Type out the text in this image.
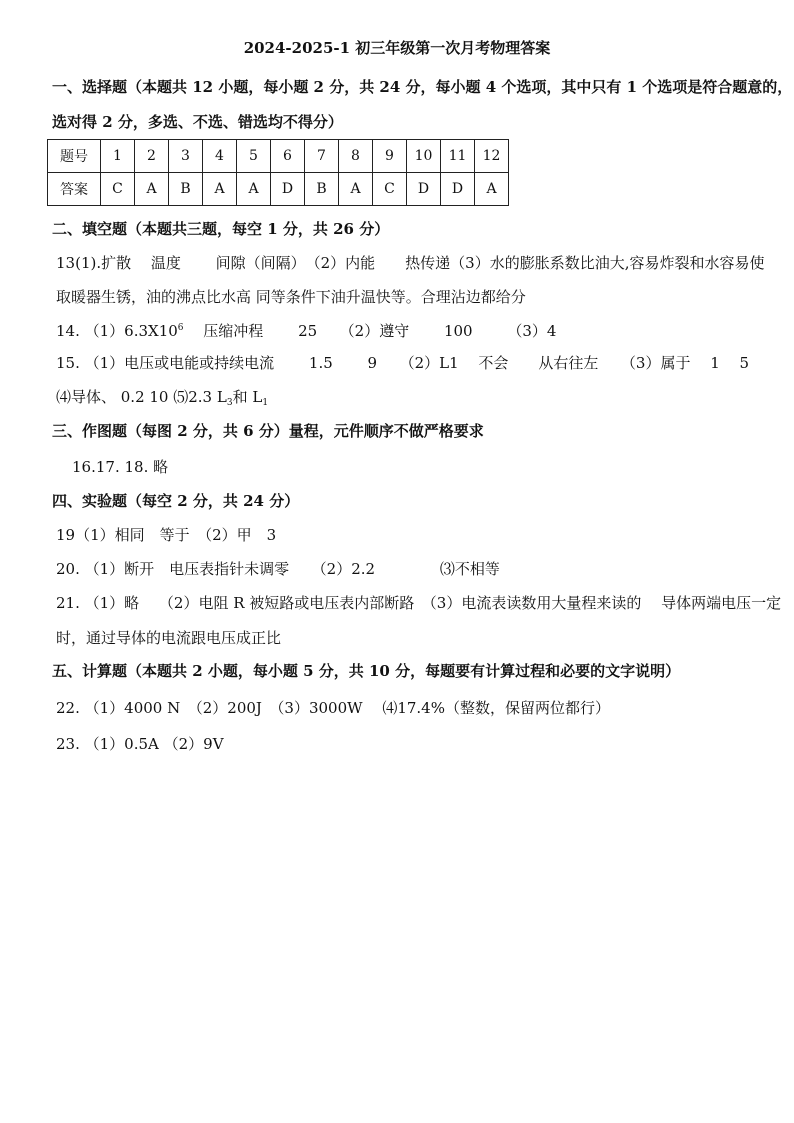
2024-2025-1 初三年级第一次月考物理答案
一、选择题（本题共 12 小题，每小题 2 分，共 24 分，每小题 4 个选项，其中只有 1 个选项是符合题意的，
选对得 2 分，多选、不选、错选均不得分）
题号	1	2	3	4	5	6	7	8	9	10	11	12
答案	C	A	B	A	A	D	B	A	C	D	D	A
二、填空题（本题共三题，每空 1 分，共 26 分）
13(1).扩散　 温度　 　间隙（间隔）　（2）内能　　热传递（3）水的膨胀系数比油大,容易炸裂和水容易使
取暖器生锈，油的沸点比水高 同等条件下油升温快等。合理沾边都给分
14. $(1)6.3X10^6$　 压缩冲程　　 25　　（2）遵守　　 100　　 （3）4
15. （1）电压或电能或持续电流　　 1.5　　 9　　（2）L1　 不会　　从右往左　　（3）属于　 1　 5
⑷导体、 0.2 10 ⑸2.3 $L_3$和 $L_1$
三、作图题（每图 2 分，共 6 分）量程，元件顺序不做严格要求
16.17. 18. 略
四、实验题（每空 2 分，共 24 分）
19（1）相同　等于　（2）甲　3
20. （1）断开　电压表指针未调零　　（2）2.2　　　　 ⑶不相等
21. （1）略　 （2）电阻 R 被短路或电压表内部断路　（3）电流表读数用大量程来读的　 导体两端电压一定
时，通过导体的电流跟电压成正比
五、计算题（本题共 2 小题，每小题 5 分，共 10 分，每题要有计算过程和必要的文字说明）
22. （1）4000 N　（2）200J　（3）3000W　 ⑷17.4%（整数，保留两位都行）
23. （1）0.5A （2）9V
